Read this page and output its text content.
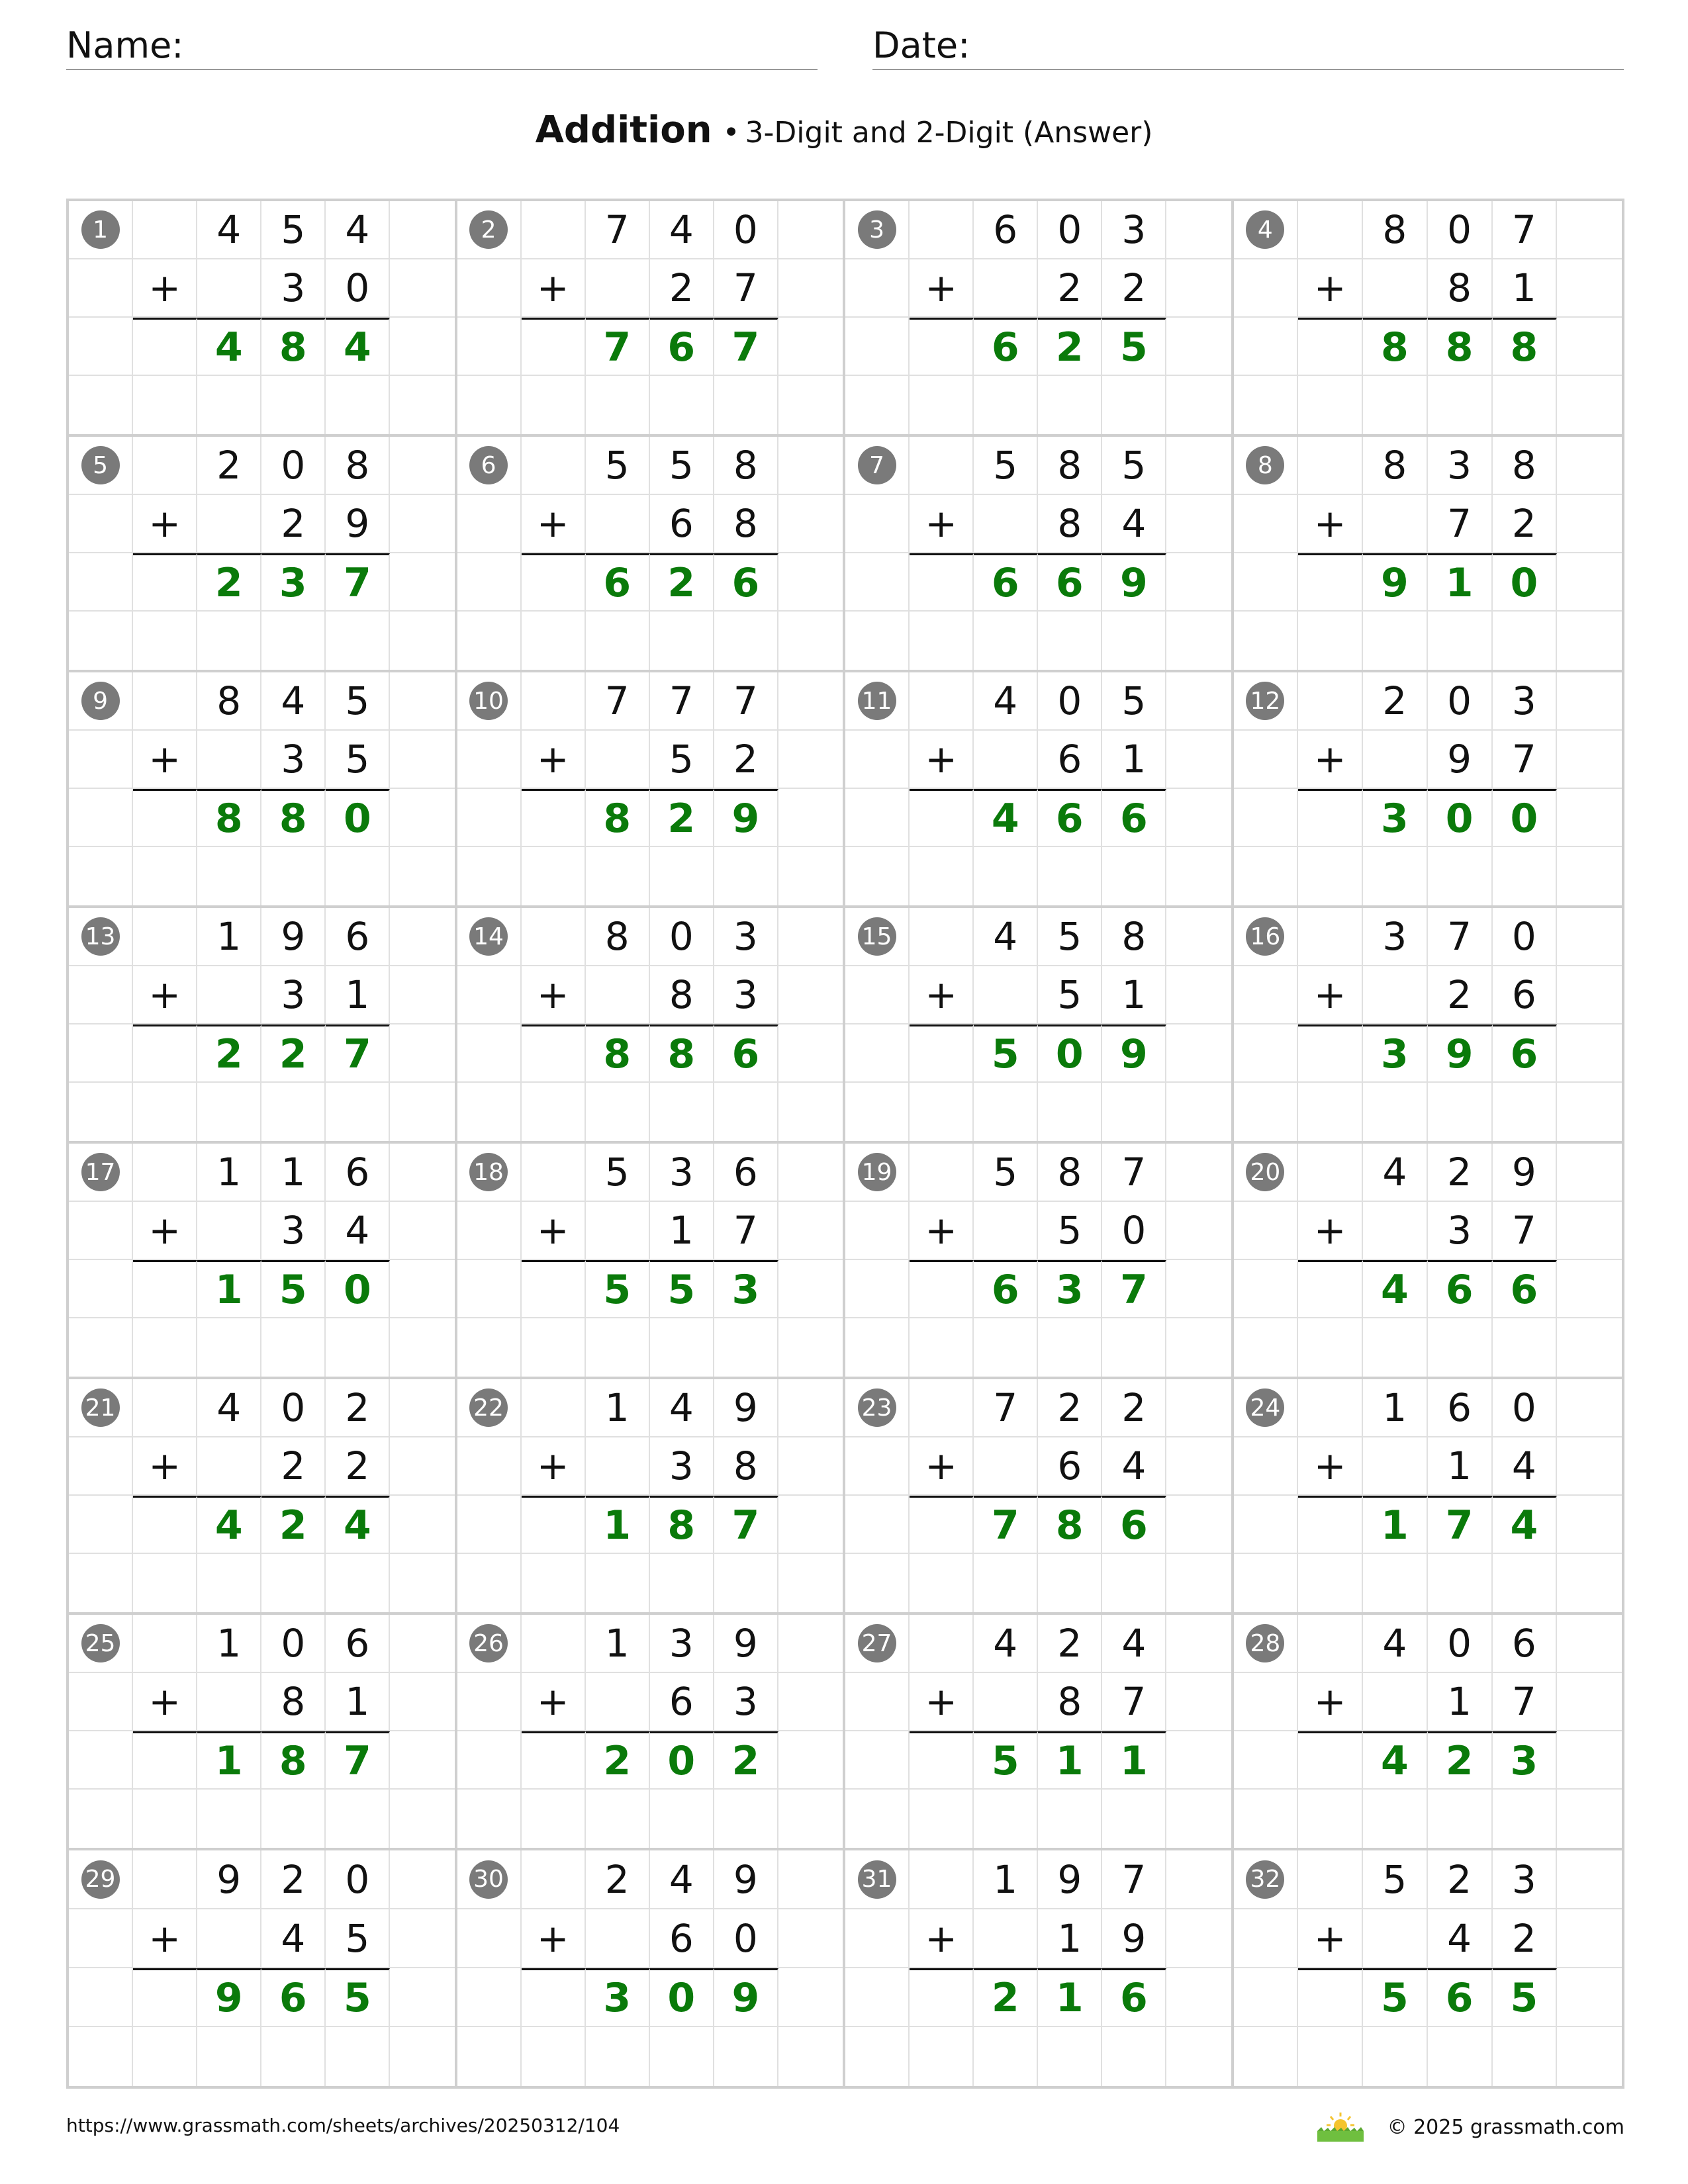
Name:	Date:
Addition • 3-Digit and 2-Digit (Answer)
1	4 5 4
+	3 0
4 8 4
2	7 4 0
+	2 7
7 6 7
3	6 0 3
+	2 2
6 2 5
4	8 0 7
+	8 1
8 8 8
5	2 0 8
+	2 9
2 3 7
6	5 5 8
+	6 8
6 2 6
7	5 8 5
+	8 4
6 6 9
8	8 3 8
+	7 2
9 1 0
9	8 4 5
+	3 5
8 8 0
10	7 7 7
+	5 2
8 2 9
11	4 0 5
+	6 1
4 6 6
12	2 0 3
+	9 7
3 0 0
13	1 9 6
+	3 1
2 2 7
14	8 0 3
+	8 3
8 8 6
15	4 5 8
+	5 1
5 0 9
16	3 7 0
+	2 6
3 9 6
17	1 1 6
+	3 4
1 5 0
18	5 3 6
+	1 7
5 5 3
19	5 8 7
+	5 0
6 3 7
20	4 2 9
+	3 7
4 6 6
21	4 0 2
+	2 2
4 2 4
22	1 4 9
+	3 8
1 8 7
23	7 2 2
+	6 4
7 8 6
24	1 6 0
+	1 4
1 7 4
25	1 0 6
+	8 1
1 8 7
26	1 3 9
+	6 3
2 0 2
27	4 2 4
+	8 7
5 1 1
28	4 0 6
+	1 7
4 2 3
29	9 2 0
+	4 5
9 6 5
30	2 4 9
+	6 0
3 0 9
31	1 9 7
+	1 9
2 1 6
32	5 2 3
+	4 2
5 6 5
https://www.grassmath.com/sheets/archives/20250312/104	© 2025 grassmath.com
